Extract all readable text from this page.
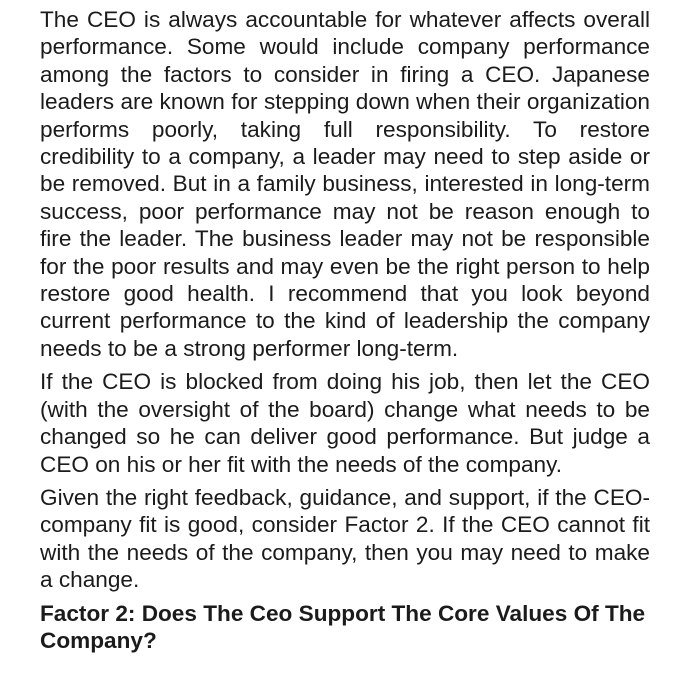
The CEO is always accountable for whatever affects overall performance. Some would include company performance among the factors to consider in firing a CEO. Japanese leaders are known for stepping down when their organization performs poorly, taking full responsibility. To restore credibility to a company, a leader may need to step aside or be removed. But in a family business, interested in long-term success, poor performance may not be reason enough to fire the leader. The business leader may not be responsible for the poor results and may even be the right person to help restore good health. I recommend that you look beyond current performance to the kind of leadership the company needs to be a strong performer long-term.

If the CEO is blocked from doing his job, then let the CEO (with the oversight of the board) change what needs to be changed so he can deliver good performance. But judge a CEO on his or her fit with the needs of the company.

Given the right feedback, guidance, and support, if the CEO-company fit is good, consider Factor 2. If the CEO cannot fit with the needs of the company, then you may need to make a change.

Factor 2: Does The Ceo Support The Core Values Of The Company?
